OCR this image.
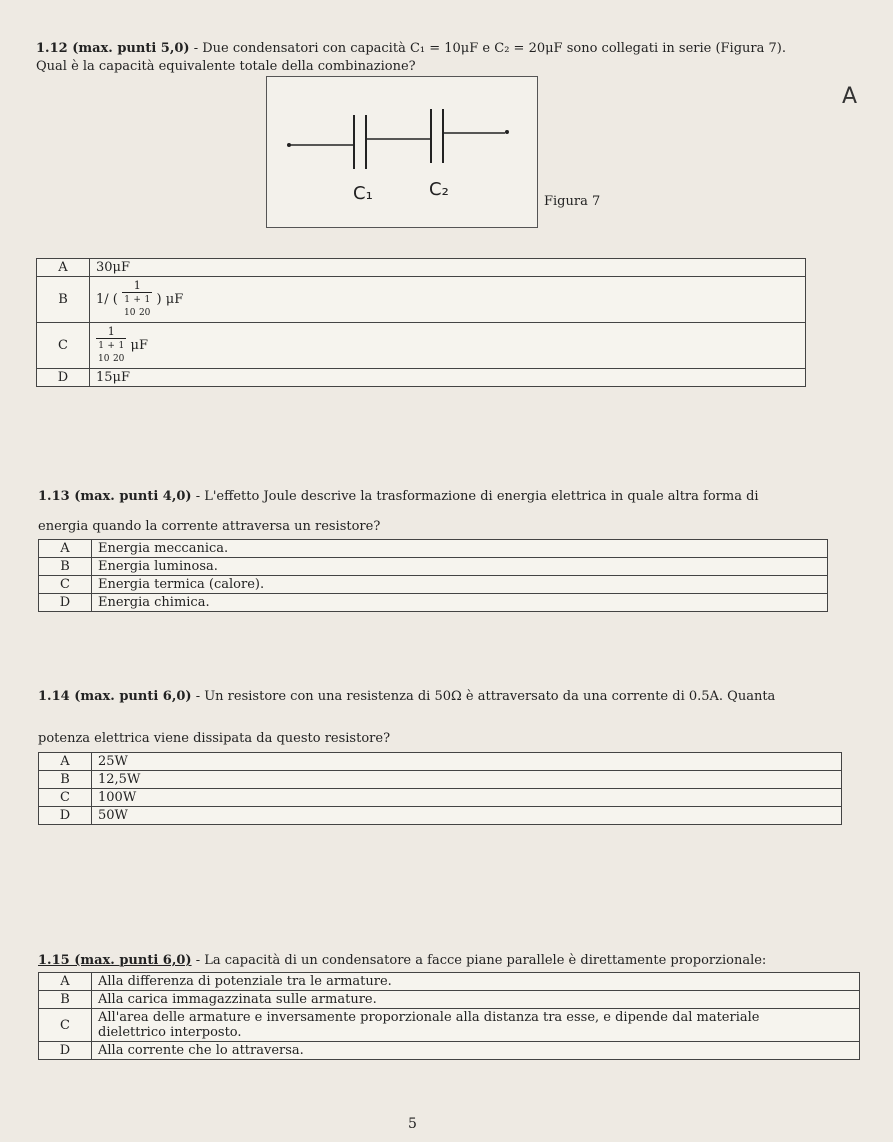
1.12 (max. punti 5,0) - Due condensatori con capacità C₁ = 10μF e C₂ = 20μF sono collegati in serie (Figura 7).
Qual è la capacità equivalente totale della combinazione?
C₁	C₂
Figura 7
A
A	30μF
B	1/ (
1
1 + 1
10 20
) μF
C	1
1 + 1
10 20
μF
D	15μF
1.13 (max. punti 4,0) - L'effetto Joule descrive la trasformazione di energia elettrica in quale altra forma di
energia quando la corrente attraversa un resistore?
A	Energia meccanica.
B	Energia luminosa.
C	Energia termica (calore).
D	Energia chimica.
1.14 (max. punti 6,0) - Un resistore con una resistenza di 50Ω è attraversato da una corrente di 0.5A. Quanta
potenza elettrica viene dissipata da questo resistore?
A	25W
B	12,5W
C	100W
D	50W
1.15 (max. punti 6,0) - La capacità di un condensatore a facce piane parallele è direttamente proporzionale:
A	Alla differenza di potenziale tra le armature.
B	Alla carica immagazzinata sulle armature.
C	All'area delle armature e inversamente proporzionale alla distanza tra esse, e dipende dal materiale
dielettrico interposto.
D	Alla corrente che lo attraversa.
5
